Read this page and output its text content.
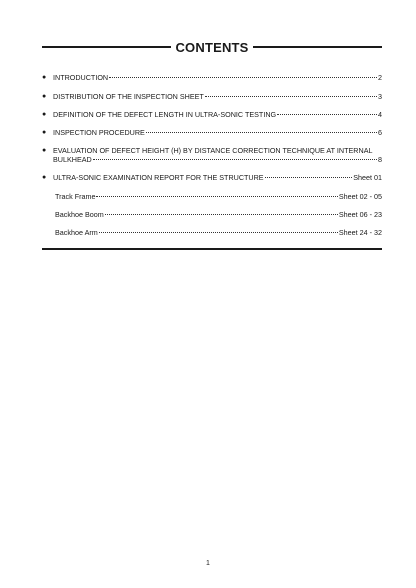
CONTENTS
● INTRODUCTION	2
● DISTRIBUTION OF THE INSPECTION SHEET	3
● DEFINITION OF THE DEFECT LENGTH IN ULTRA-SONIC TESTING	4
● INSPECTION PROCEDURE	6
● EVALUATION OF DEFECT HEIGHT (H) BY DISTANCE CORRECTION TECHNIQUE AT INTERNAL
BULKHEAD	8
● ULTRA-SONIC EXAMINATION REPORT FOR THE STRUCTURE	Sheet 01
Track Frame	Sheet 02 - 05
Backhoe Boom	Sheet 06 - 23
Backhoe Arm	Sheet 24 - 32
1
